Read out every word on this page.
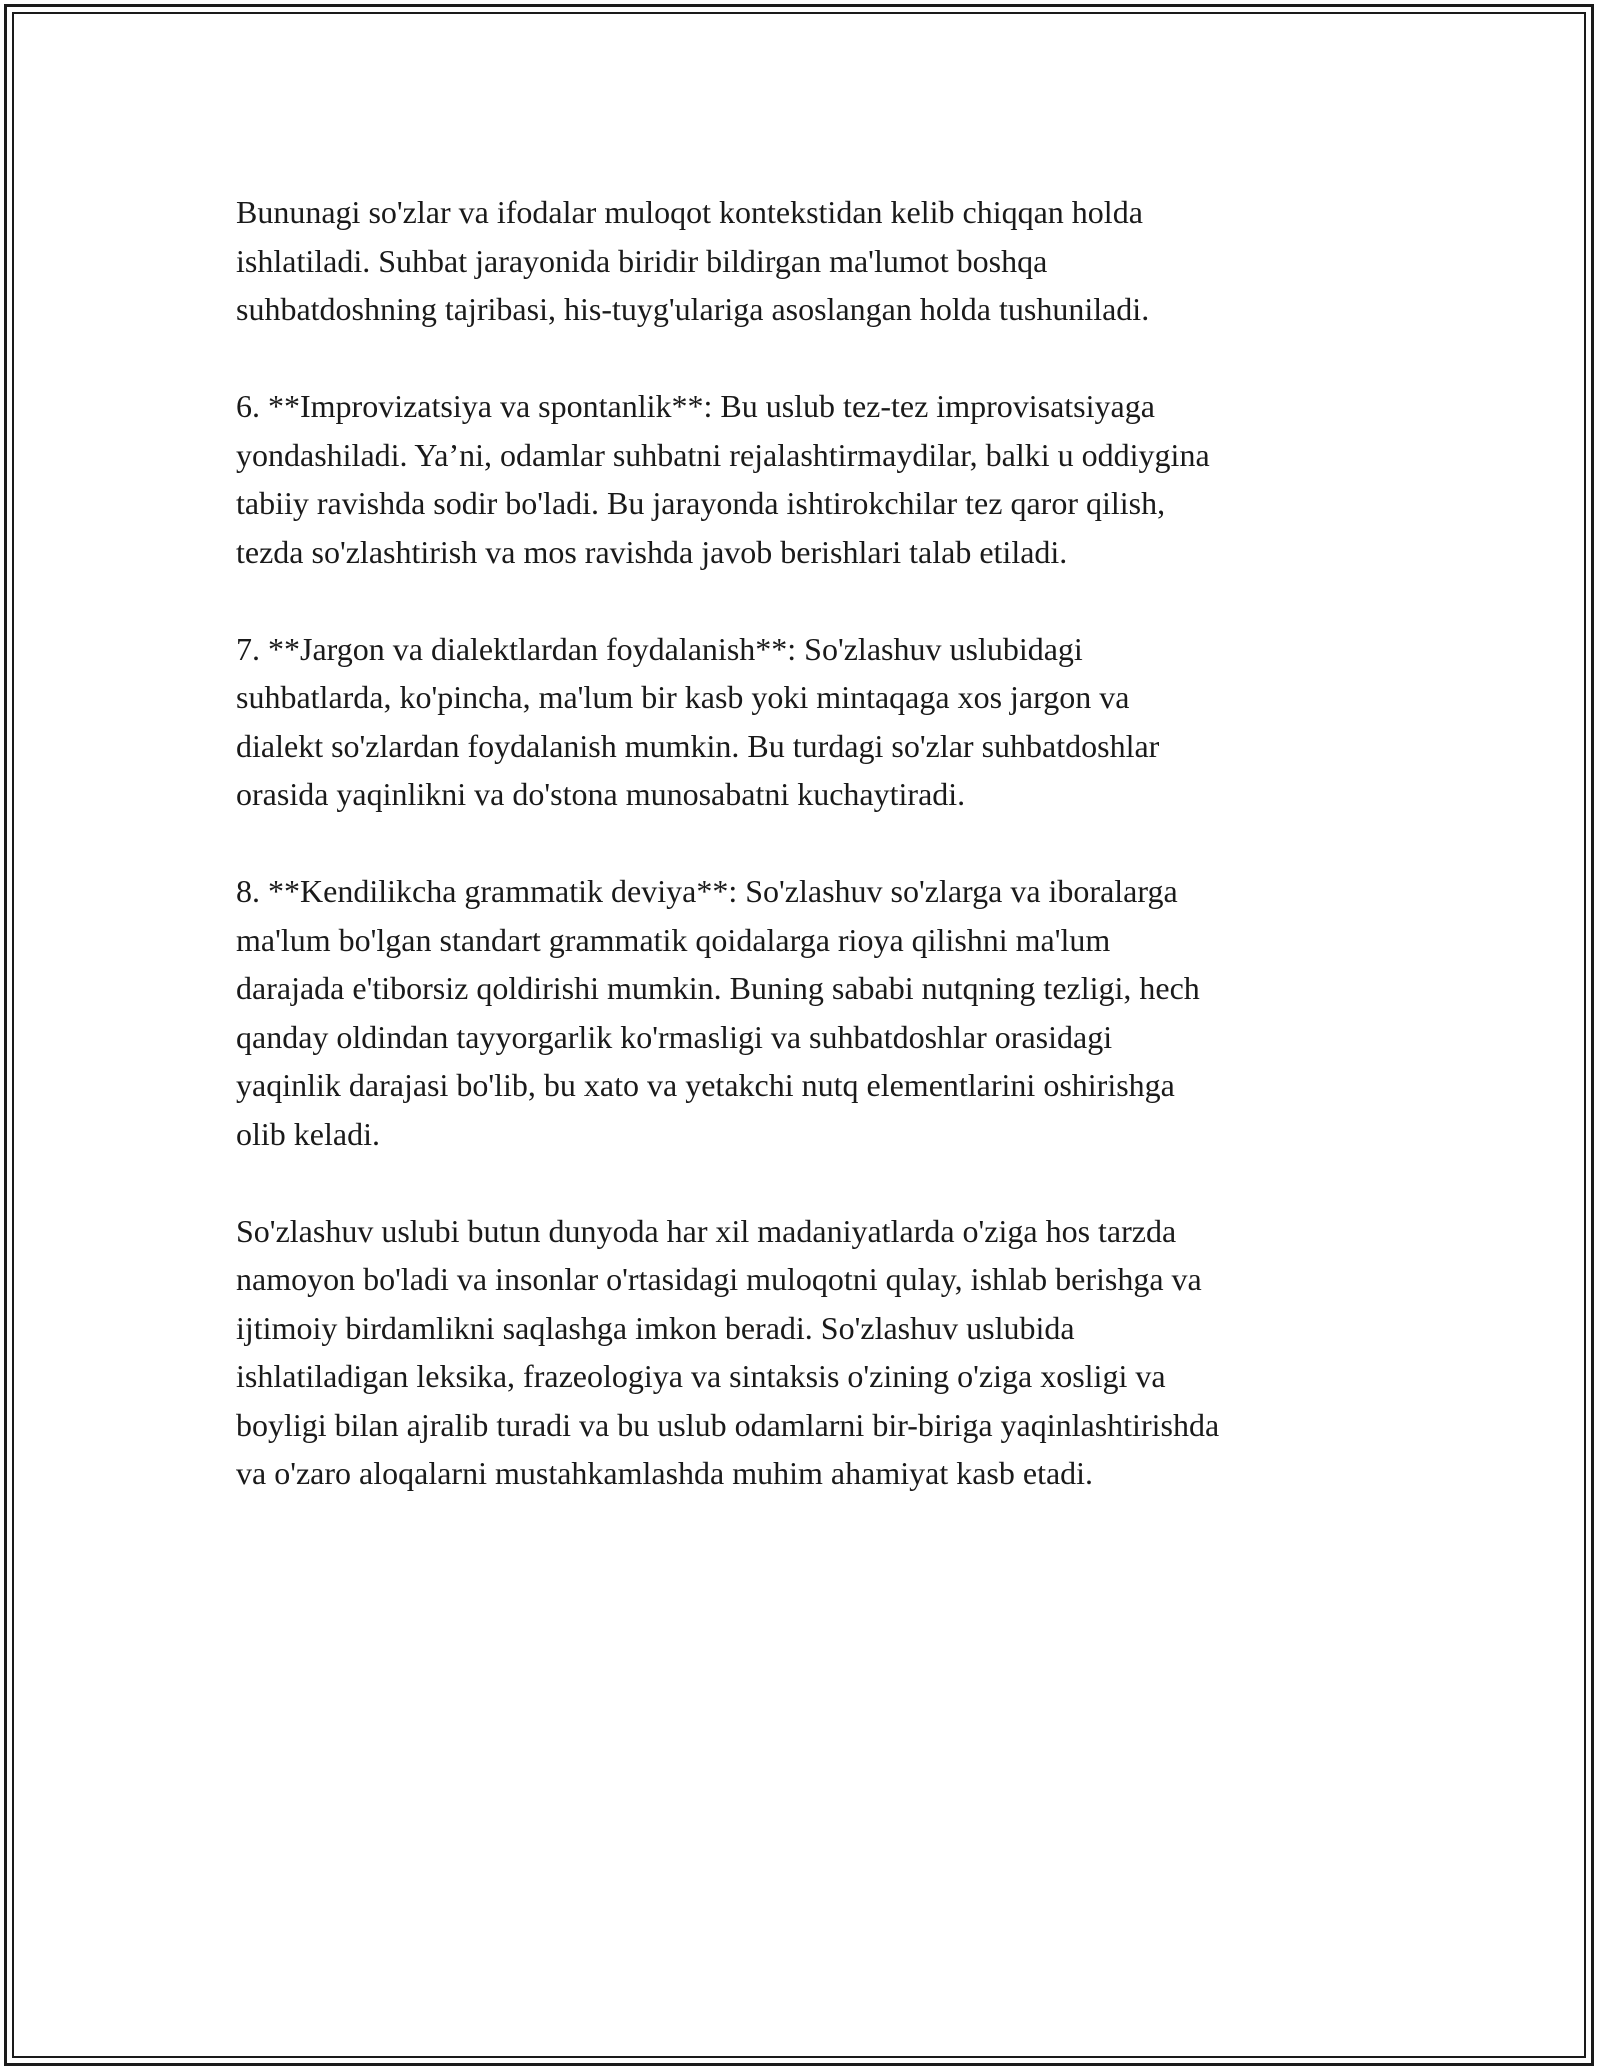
Bununagi so'zlar va ifodalar muloqot kontekstidan kelib chiqqan holda
ishlatiladi. Suhbat jarayonida biridir bildirgan ma'lumot boshqa
suhbatdoshning tajribasi, his-tuyg'ulariga asoslangan holda tushuniladi.

6. **Improvizatsiya va spontanlik**: Bu uslub tez-tez improvisatsiyaga
yondashiladi. Ya’ni, odamlar suhbatni rejalashtirmaydilar, balki u oddiygina
tabiiy ravishda sodir bo'ladi. Bu jarayonda ishtirokchilar tez qaror qilish,
tezda so'zlashtirish va mos ravishda javob berishlari talab etiladi.

7. **Jargon va dialektlardan foydalanish**: So'zlashuv uslubidagi
suhbatlarda, ko'pincha, ma'lum bir kasb yoki mintaqaga xos jargon va
dialekt so'zlardan foydalanish mumkin. Bu turdagi so'zlar suhbatdoshlar
orasida yaqinlikni va do'stona munosabatni kuchaytiradi.

8. **Kendilikcha grammatik deviya**: So'zlashuv so'zlarga va iboralarga
ma'lum bo'lgan standart grammatik qoidalarga rioya qilishni ma'lum
darajada e'tiborsiz qoldirishi mumkin. Buning sababi nutqning tezligi, hech
qanday oldindan tayyorgarlik ko'rmasligi va suhbatdoshlar orasidagi
yaqinlik darajasi bo'lib, bu xato va yetakchi nutq elementlarini oshirishga
olib keladi.

So'zlashuv uslubi butun dunyoda har xil madaniyatlarda o'ziga hos tarzda
namoyon bo'ladi va insonlar o'rtasidagi muloqotni qulay, ishlab berishga va
ijtimoiy birdamlikni saqlashga imkon beradi. So'zlashuv uslubida
ishlatiladigan leksika, frazeologiya va sintaksis o'zining o'ziga xosligi va
boyligi bilan ajralib turadi va bu uslub odamlarni bir-biriga yaqinlashtirishda
va o'zaro aloqalarni mustahkamlashda muhim ahamiyat kasb etadi.
